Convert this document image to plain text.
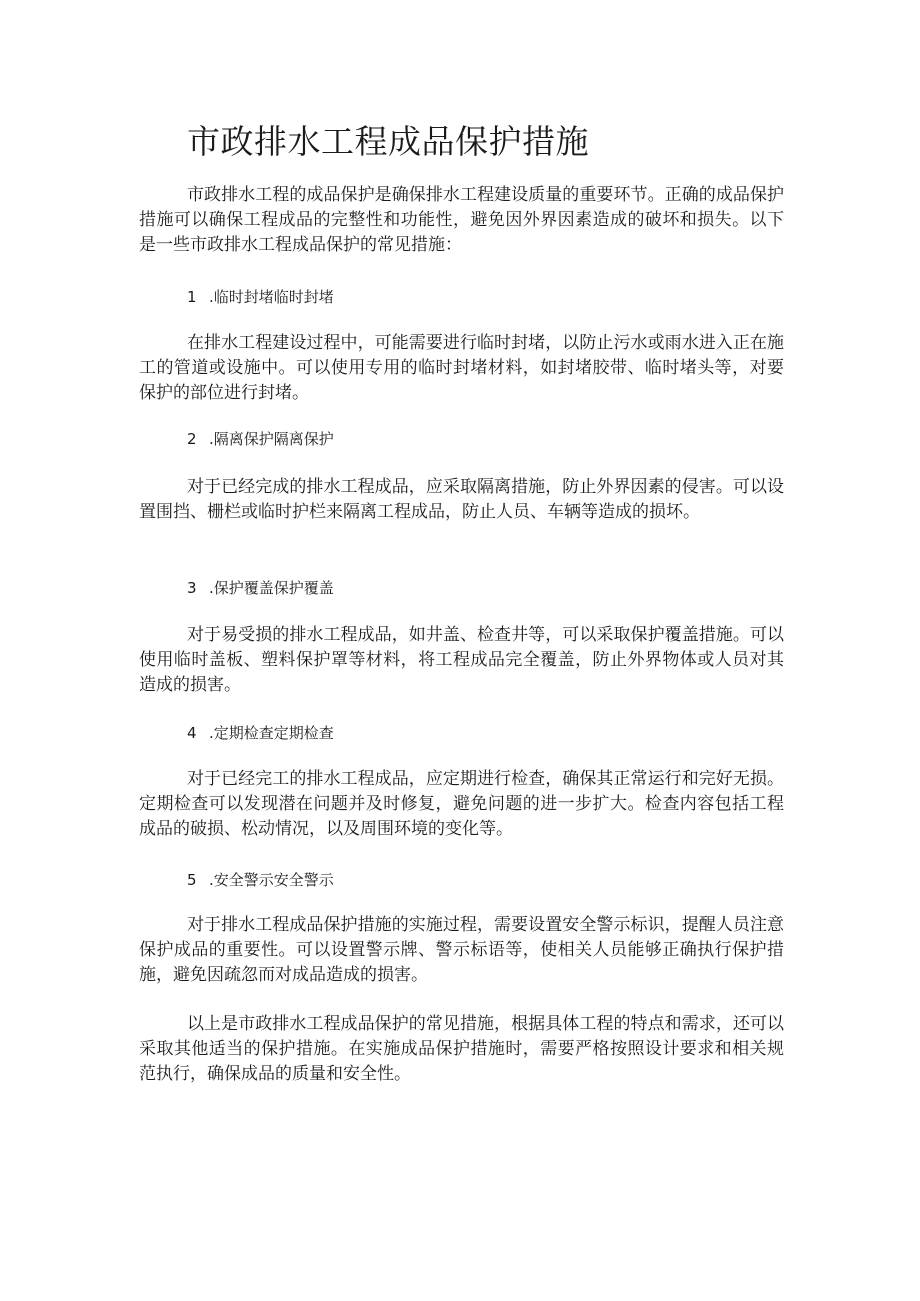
市政排水工程成品保护措施

市政排水工程的成品保护是确保排水工程建设质量的重要环节。正确的成品保护措施可以确保工程成品的完整性和功能性，避免因外界因素造成的破坏和损失。以下是一些市政排水工程成品保护的常见措施：

1 .临时封堵临时封堵

在排水工程建设过程中，可能需要进行临时封堵，以防止污水或雨水进入正在施工的管道或设施中。可以使用专用的临时封堵材料，如封堵胶带、临时堵头等，对要保护的部位进行封堵。

2 .隔离保护隔离保护

对于已经完成的排水工程成品，应采取隔离措施，防止外界因素的侵害。可以设置围挡、栅栏或临时护栏来隔离工程成品，防止人员、车辆等造成的损坏。

3 .保护覆盖保护覆盖

对于易受损的排水工程成品，如井盖、检查井等，可以采取保护覆盖措施。可以使用临时盖板、塑料保护罩等材料，将工程成品完全覆盖，防止外界物体或人员对其造成的损害。

4 .定期检查定期检查

对于已经完工的排水工程成品，应定期进行检查，确保其正常运行和完好无损。定期检查可以发现潜在问题并及时修复，避免问题的进一步扩大。检查内容包括工程成品的破损、松动情况，以及周围环境的变化等。

5 .安全警示安全警示

对于排水工程成品保护措施的实施过程，需要设置安全警示标识，提醒人员注意保护成品的重要性。可以设置警示牌、警示标语等，使相关人员能够正确执行保护措施，避免因疏忽而对成品造成的损害。

以上是市政排水工程成品保护的常见措施，根据具体工程的特点和需求，还可以采取其他适当的保护措施。在实施成品保护措施时，需要严格按照设计要求和相关规范执行，确保成品的质量和安全性。
